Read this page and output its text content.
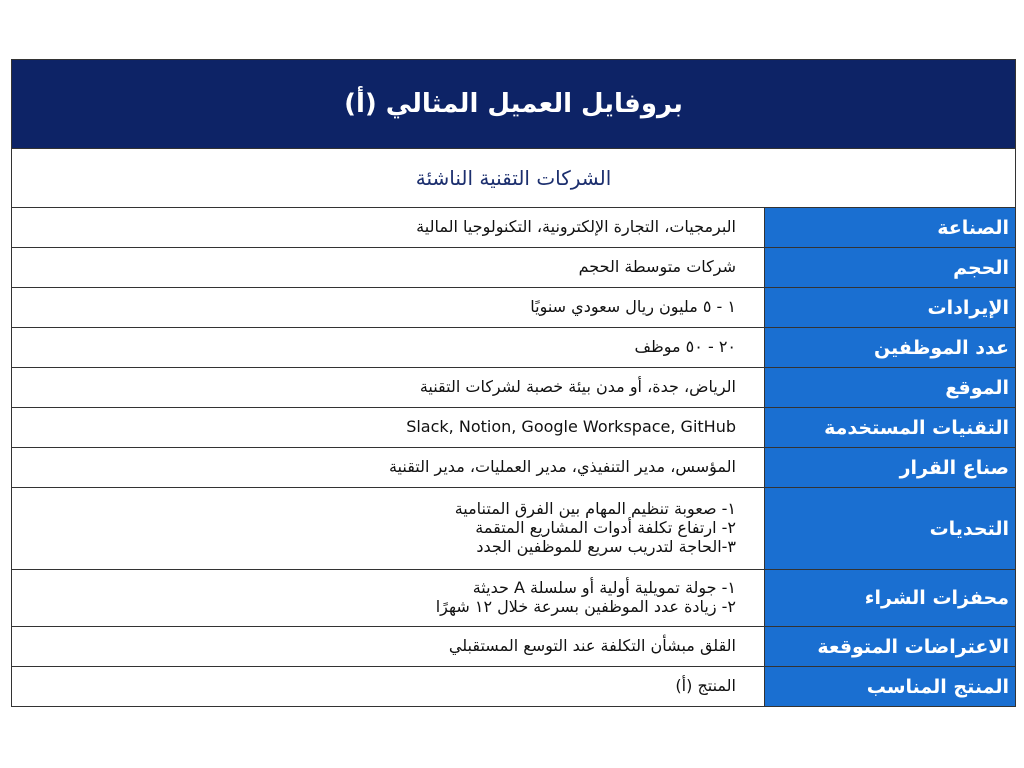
بروفايل العميل المثالي (أ)
الشركات التقنية الناشئة
الصناعة
البرمجيات، التجارة الإلكترونية، التكنولوجيا المالية
الحجم
شركات متوسطة الحجم
الإيرادات
١ - ٥ مليون ريال سعودي سنويًا
عدد الموظفين
٢٠ - ٥٠ موظف
الموقع
الرياض، جدة، أو مدن بيئة خصبة لشركات التقنية
التقنيات المستخدمة
Slack, Notion, Google Workspace, GitHub
صناع القرار
المؤسس، مدير التنفيذي، مدير العمليات، مدير التقنية
التحديات
١- صعوبة تنظيم المهام بين الفرق المتنامية
٢- ارتفاع تكلفة أدوات المشاريع المتقمة
٣-الحاجة لتدريب سريع للموظفين الجدد
محفزات الشراء
١- جولة تمويلية أولية أو سلسلة A حديثة
٢- زيادة عدد الموظفين بسرعة خلال ١٢ شهرًا
الاعتراضات المتوقعة
القلق مبشأن التكلفة عند التوسع المستقبلي
المنتج المناسب
المنتج (أ)
